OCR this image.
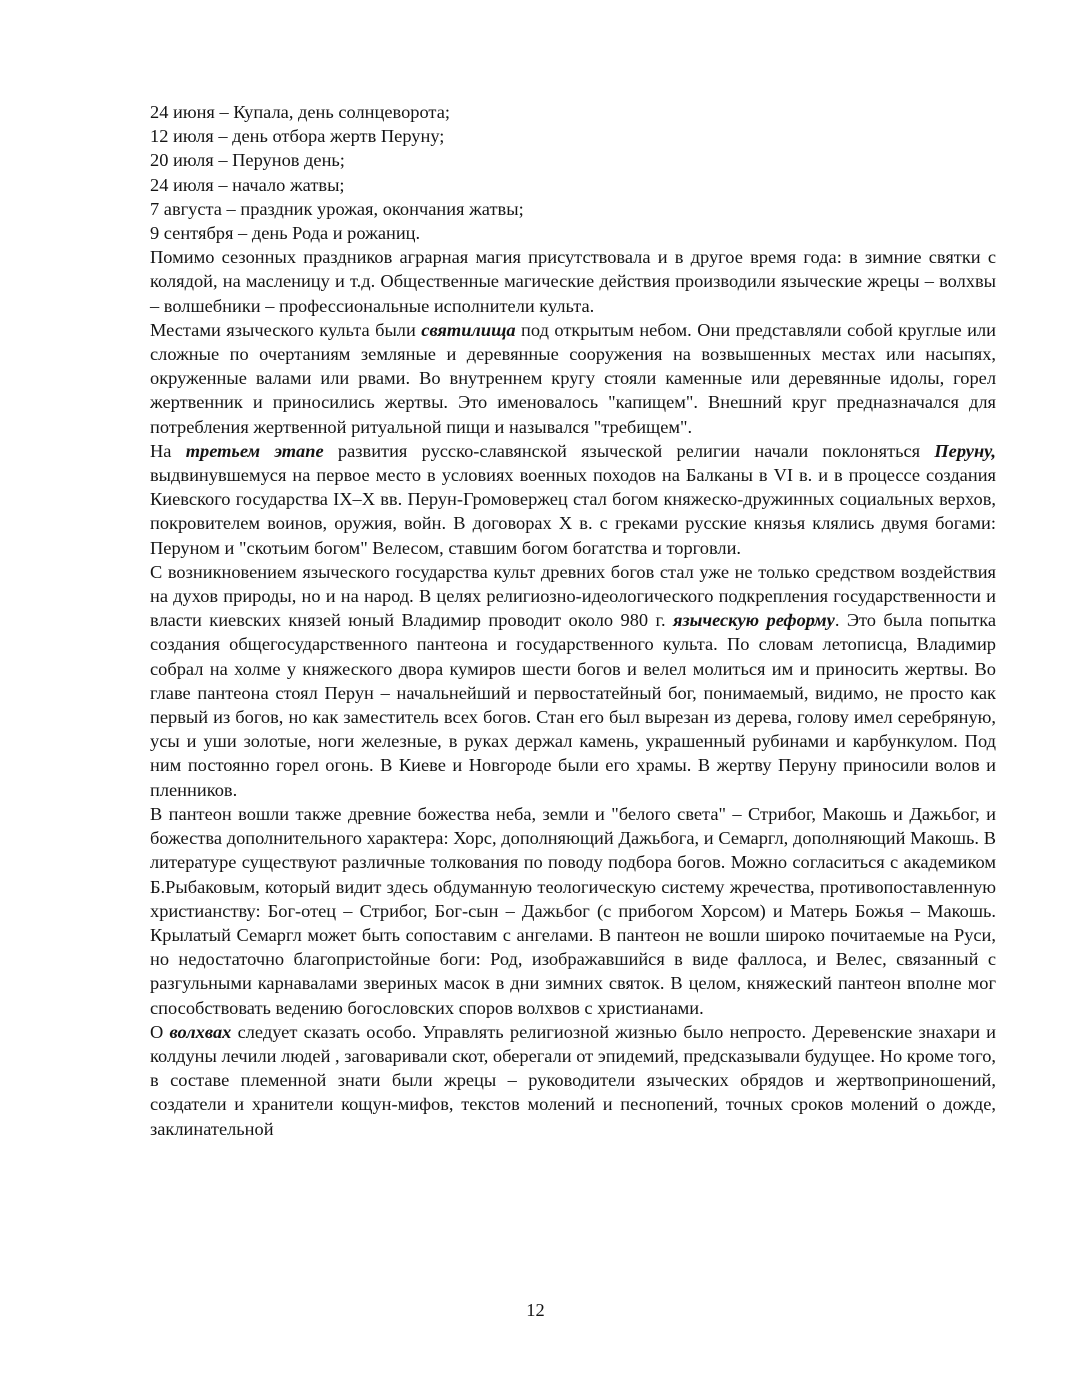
24 июня – Купала, день солнцеворота;

12 июля – день отбора жертв Перуну;

20 июля – Перунов день;

24 июля – начало жатвы;

7 августа – праздник урожая, окончания жатвы;

9 сентября – день Рода и рожаниц.

Помимо сезонных праздников аграрная магия присутствовала и в другое время года: в зимние святки с колядой, на масленицу и т.д. Общественные магические действия производили языческие жрецы – волхвы – волшебники – профессиональные исполнители культа.

Местами языческого культа были святилища под открытым небом. Они представляли собой круглые или сложные по очертаниям земляные и деревянные сооружения на возвышенных местах или насыпях, окруженные валами или рвами. Во внутреннем кругу стояли каменные или деревянные идолы, горел жертвенник и приносились жертвы. Это именовалось "капищем". Внешний круг предназначался для потребления жертвенной ритуальной пищи и назывался "требищем".

На третьем этапе развития русско-славянской языческой религии начали поклоняться Перуну, выдвинувшемуся на первое место в условиях военных походов на Балканы в VI в. и в процессе создания Киевского государства IX–X вв. Перун-Громовержец стал богом княжеско-дружинных социальных верхов, покровителем воинов, оружия, войн. В договорах X в. с греками русские князья клялись двумя богами: Перуном и "скотьим богом" Велесом, ставшим богом богатства и торговли.

С возникновением языческого государства культ древних богов стал уже не только средством воздействия на духов природы, но и на народ. В целях религиозно-идеологического подкрепления государственности и власти киевских князей юный Владимир проводит около 980 г. языческую реформу. Это была попытка создания общегосударственного пантеона и государственного культа. По словам летописца, Владимир собрал на холме у княжеского двора кумиров шести богов и велел молиться им и приносить жертвы. Во главе пантеона стоял Перун – начальнейший и первостатейный бог, понимаемый, видимо, не просто как первый из богов, но как заместитель всех богов. Стан его был вырезан из дерева, голову имел серебряную, усы и уши золотые, ноги железные, в руках держал камень, украшенный рубинами и карбункулом. Под ним постоянно горел огонь. В Киеве и Новгороде были его храмы. В жертву Перуну приносили волов и пленников.

В пантеон вошли также древние божества неба, земли и "белого света" – Стрибог, Макошь и Дажьбог, и божества дополнительного характера: Хорс, дополняющий Дажьбога, и Семаргл, дополняющий Макошь. В литературе существуют различные толкования по поводу подбора богов. Можно согласиться с академиком Б.Рыбаковым, который видит здесь обдуманную теологическую систему жречества, противопоставленную христианству: Бог-отец – Стрибог, Бог-сын – Дажьбог (с прибогом Хорсом) и Матерь Божья – Макошь. Крылатый Семаргл может быть сопоставим с ангелами. В пантеон не вошли широко почитаемые на Руси, но недостаточно благопристойные боги: Род, изображавшийся в виде фаллоса, и Велес, связанный с разгульными карнавалами звериных масок в дни зимних святок. В целом, княжеский пантеон вполне мог способствовать ведению богословских споров волхвов с христианами.

О волхвах следует сказать особо. Управлять религиозной жизнью было непросто. Деревенские знахари и колдуны лечили людей , заговаривали скот, оберегали от эпидемий, предсказывали будущее. Но кроме того, в составе племенной знати были жрецы – руководители языческих обрядов и жертвоприношений, создатели и хранители кощун-мифов, текстов молений и песнопений, точных сроков молений о дожде, заклинательной

12
